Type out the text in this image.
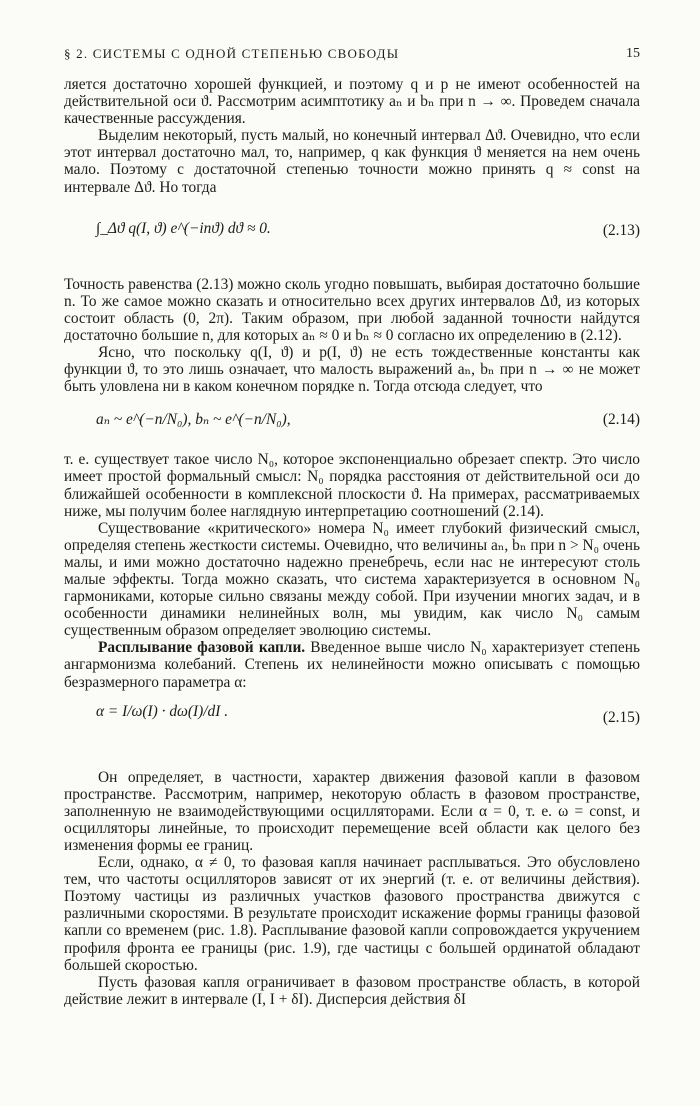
§ 2. СИСТЕМЫ С ОДНОЙ СТЕПЕНЬЮ СВОБОДЫ	15

ляется достаточно хорошей функцией, и поэтому q и p не имеют особенностей на действительной оси ϑ. Рассмотрим асимптотику aₙ и bₙ при n → ∞. Проведем сначала качественные рассуждения.

Выделим некоторый, пусть малый, но конечный интервал Δϑ. Очевидно, что если этот интервал достаточно мал, то, например, q как функция ϑ меняется на нем очень мало. Поэтому с достаточной степенью точности можно принять q ≈ const на интервале Δϑ. Но тогда

∫_Δϑ q(I, ϑ) e^(−inϑ) dϑ ≈ 0.	(2.13)

Точность равенства (2.13) можно сколь угодно повышать, выбирая достаточно большие n. То же самое можно сказать и относительно всех других интервалов Δϑ, из которых состоит область (0, 2π). Таким образом, при любой заданной точности найдутся достаточно большие n, для которых aₙ ≈ 0 и bₙ ≈ 0 согласно их определению в (2.12).

Ясно, что поскольку q(I, ϑ) и p(I, ϑ) не есть тождественные константы как функции ϑ, то это лишь означает, что малость выражений aₙ, bₙ при n → ∞ не может быть уловлена ни в каком конечном порядке n. Тогда отсюда следует, что

aₙ ~ e^(−n/N₀), bₙ ~ e^(−n/N₀),	(2.14)

т. е. существует такое число N₀, которое экспоненциально обрезает спектр. Это число имеет простой формальный смысл: N₀ порядка расстояния от действительной оси до ближайшей особенности в комплексной плоскости ϑ. На примерах, рассматриваемых ниже, мы получим более наглядную интерпретацию соотношений (2.14).

Существование «критического» номера N₀ имеет глубокий физический смысл, определяя степень жесткости системы. Очевидно, что величины aₙ, bₙ при n > N₀ очень малы, и ими можно достаточно надежно пренебречь, если нас не интересуют столь малые эффекты. Тогда можно сказать, что система характеризуется в основном N₀ гармониками, которые сильно связаны между собой. При изучении многих задач, и в особенности динамики нелинейных волн, мы увидим, как число N₀ самым существенным образом определяет эволюцию системы.

Расплывание фазовой капли. Введенное выше число N₀ характеризует степень ангармонизма колебаний. Степень их нелинейности можно описывать с помощью безразмерного параметра α:

α = I/ω(I) · dω(I)/dI .	(2.15)

Он определяет, в частности, характер движения фазовой капли в фазовом пространстве. Рассмотрим, например, некоторую область в фазовом пространстве, заполненную не взаимодействующими осцилляторами. Если α = 0, т. е. ω = const, и осцилляторы линейные, то происходит перемещение всей области как целого без изменения формы ее границ.

Если, однако, α ≠ 0, то фазовая капля начинает расплываться. Это обусловлено тем, что частоты осцилляторов зависят от их энергий (т. е. от величины действия). Поэтому частицы из различных участков фазового пространства движутся с различными скоростями. В результате происходит искажение формы границы фазовой капли со временем (рис. 1.8). Расплывание фазовой капли сопровождается укручением профиля фронта ее границы (рис. 1.9), где частицы с большей ординатой обладают большей скоростью.

Пусть фазовая капля ограничивает в фазовом пространстве область, в которой действие лежит в интервале (I, I + δI). Дисперсия действия δI
